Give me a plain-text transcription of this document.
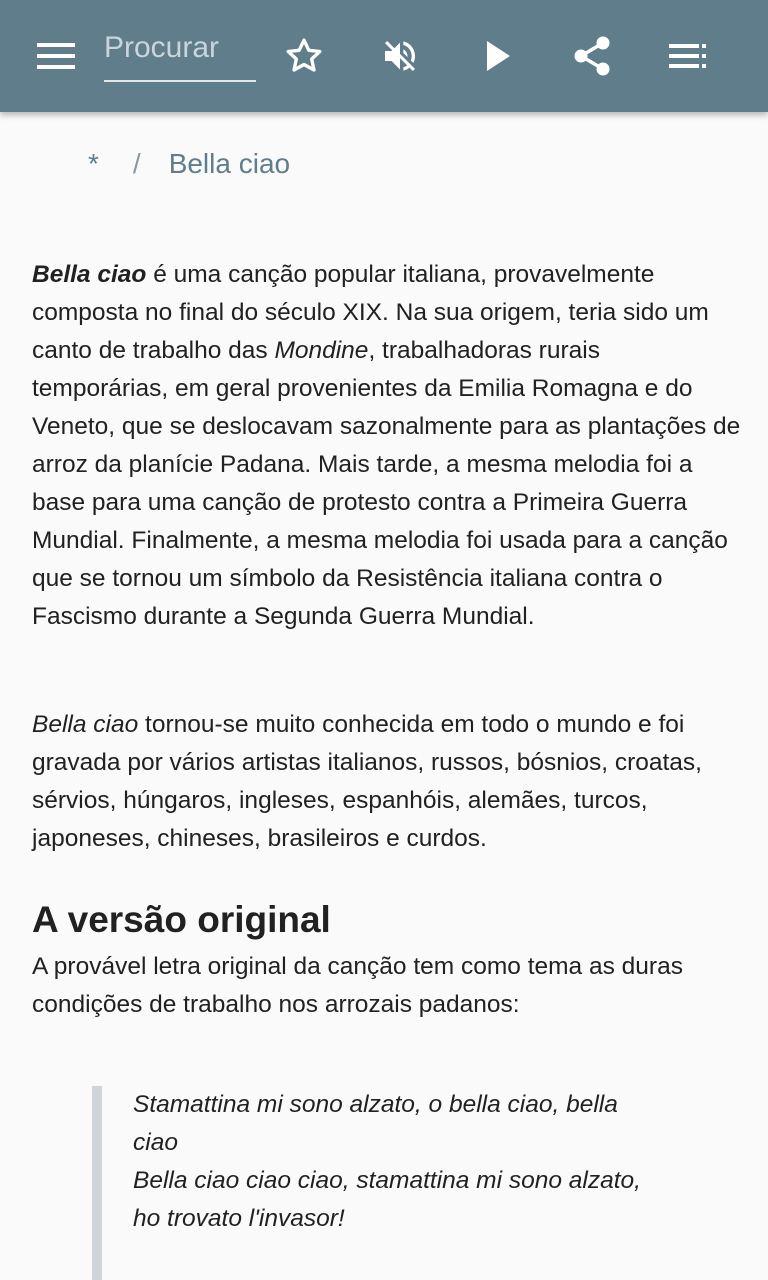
Procurar
* / Bella ciao

Bella ciao é uma canção popular italiana, provavelmente composta no final do século XIX. Na sua origem, teria sido um canto de trabalho das Mondine, trabalhadoras rurais temporárias, em geral provenientes da Emilia Romagna e do Veneto, que se deslocavam sazonalmente para as plantações de arroz da planície Padana. Mais tarde, a mesma melodia foi a base para uma canção de protesto contra a Primeira Guerra Mundial. Finalmente, a mesma melodia foi usada para a canção que se tornou um símbolo da Resistência italiana contra o Fascismo durante a Segunda Guerra Mundial.

Bella ciao tornou-se muito conhecida em todo o mundo e foi gravada por vários artistas italianos, russos, bósnios, croatas, sérvios, húngaros, ingleses, espanhóis, alemães, turcos, japoneses, chineses, brasileiros e curdos.

A versão original

A provável letra original da canção tem como tema as duras condições de trabalho nos arrozais padanos:

Stamattina mi sono alzato, o bella ciao, bella ciao
Bella ciao ciao ciao, stamattina mi sono alzato,
ho trovato l'invasor!
